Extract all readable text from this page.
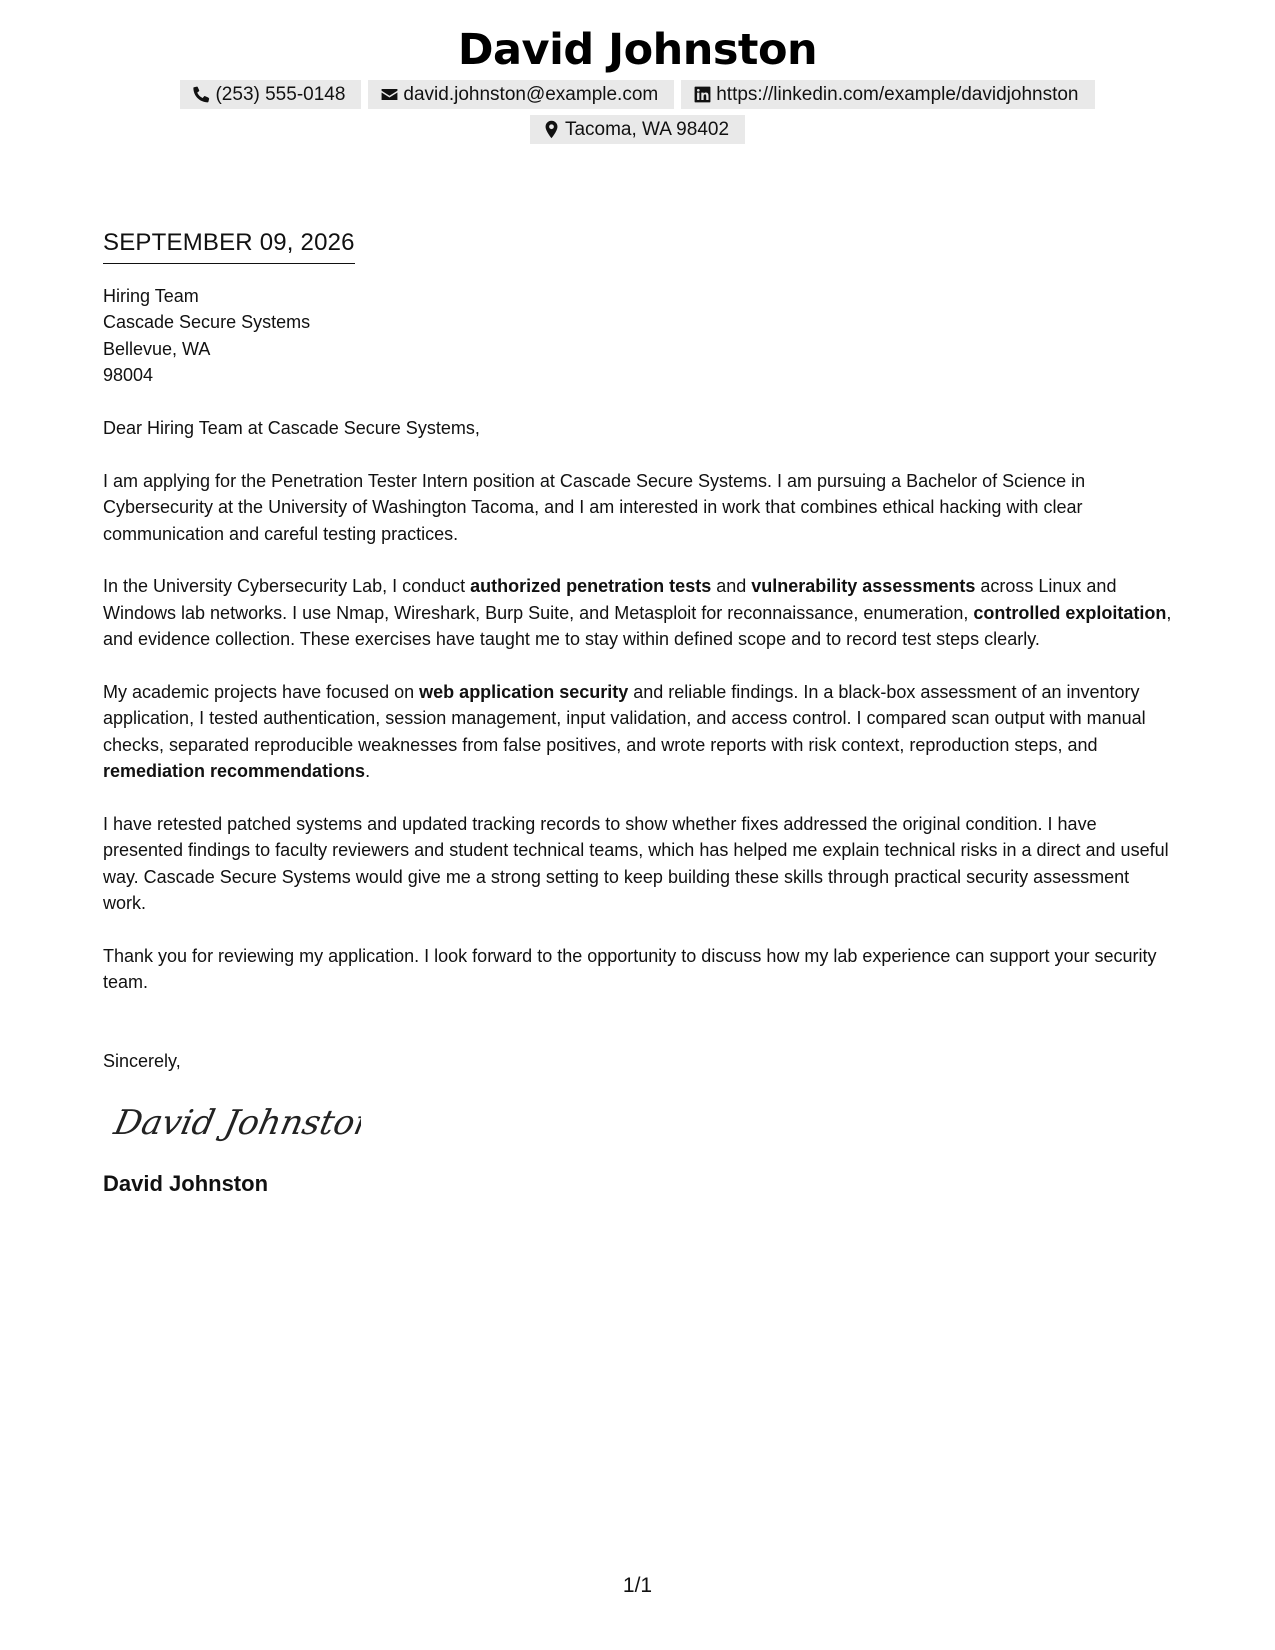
David Johnston
(253) 555-0148	david.johnston@example.com	https://linkedin.com/example/davidjohnston
Tacoma, WA 98402
SEPTEMBER 09, 2026
Hiring Team
Cascade Secure Systems
Bellevue, WA
98004

Dear Hiring Team at Cascade Secure Systems,

I am applying for the Penetration Tester Intern position at Cascade Secure Systems. I am pursuing a Bachelor of Science in Cybersecurity at the University of Washington Tacoma, and I am interested in work that combines ethical hacking with clear communication and careful testing practices.

In the University Cybersecurity Lab, I conduct authorized penetration tests and vulnerability assessments across Linux and Windows lab networks. I use Nmap, Wireshark, Burp Suite, and Metasploit for reconnaissance, enumeration, controlled exploitation, and evidence collection. These exercises have taught me to stay within defined scope and to record test steps clearly.

My academic projects have focused on web application security and reliable findings. In a black-box assessment of an inventory application, I tested authentication, session management, input validation, and access control. I compared scan output with manual checks, separated reproducible weaknesses from false positives, and wrote reports with risk context, reproduction steps, and remediation recommendations.

I have retested patched systems and updated tracking records to show whether fixes addressed the original condition. I have presented findings to faculty reviewers and student technical teams, which has helped me explain technical risks in a direct and useful way. Cascade Secure Systems would give me a strong setting to keep building these skills through practical security assessment work.

Thank you for reviewing my application. I look forward to the opportunity to discuss how my lab experience can support your security team.

Sincerely,

David Johnston
David Johnston
1/1
